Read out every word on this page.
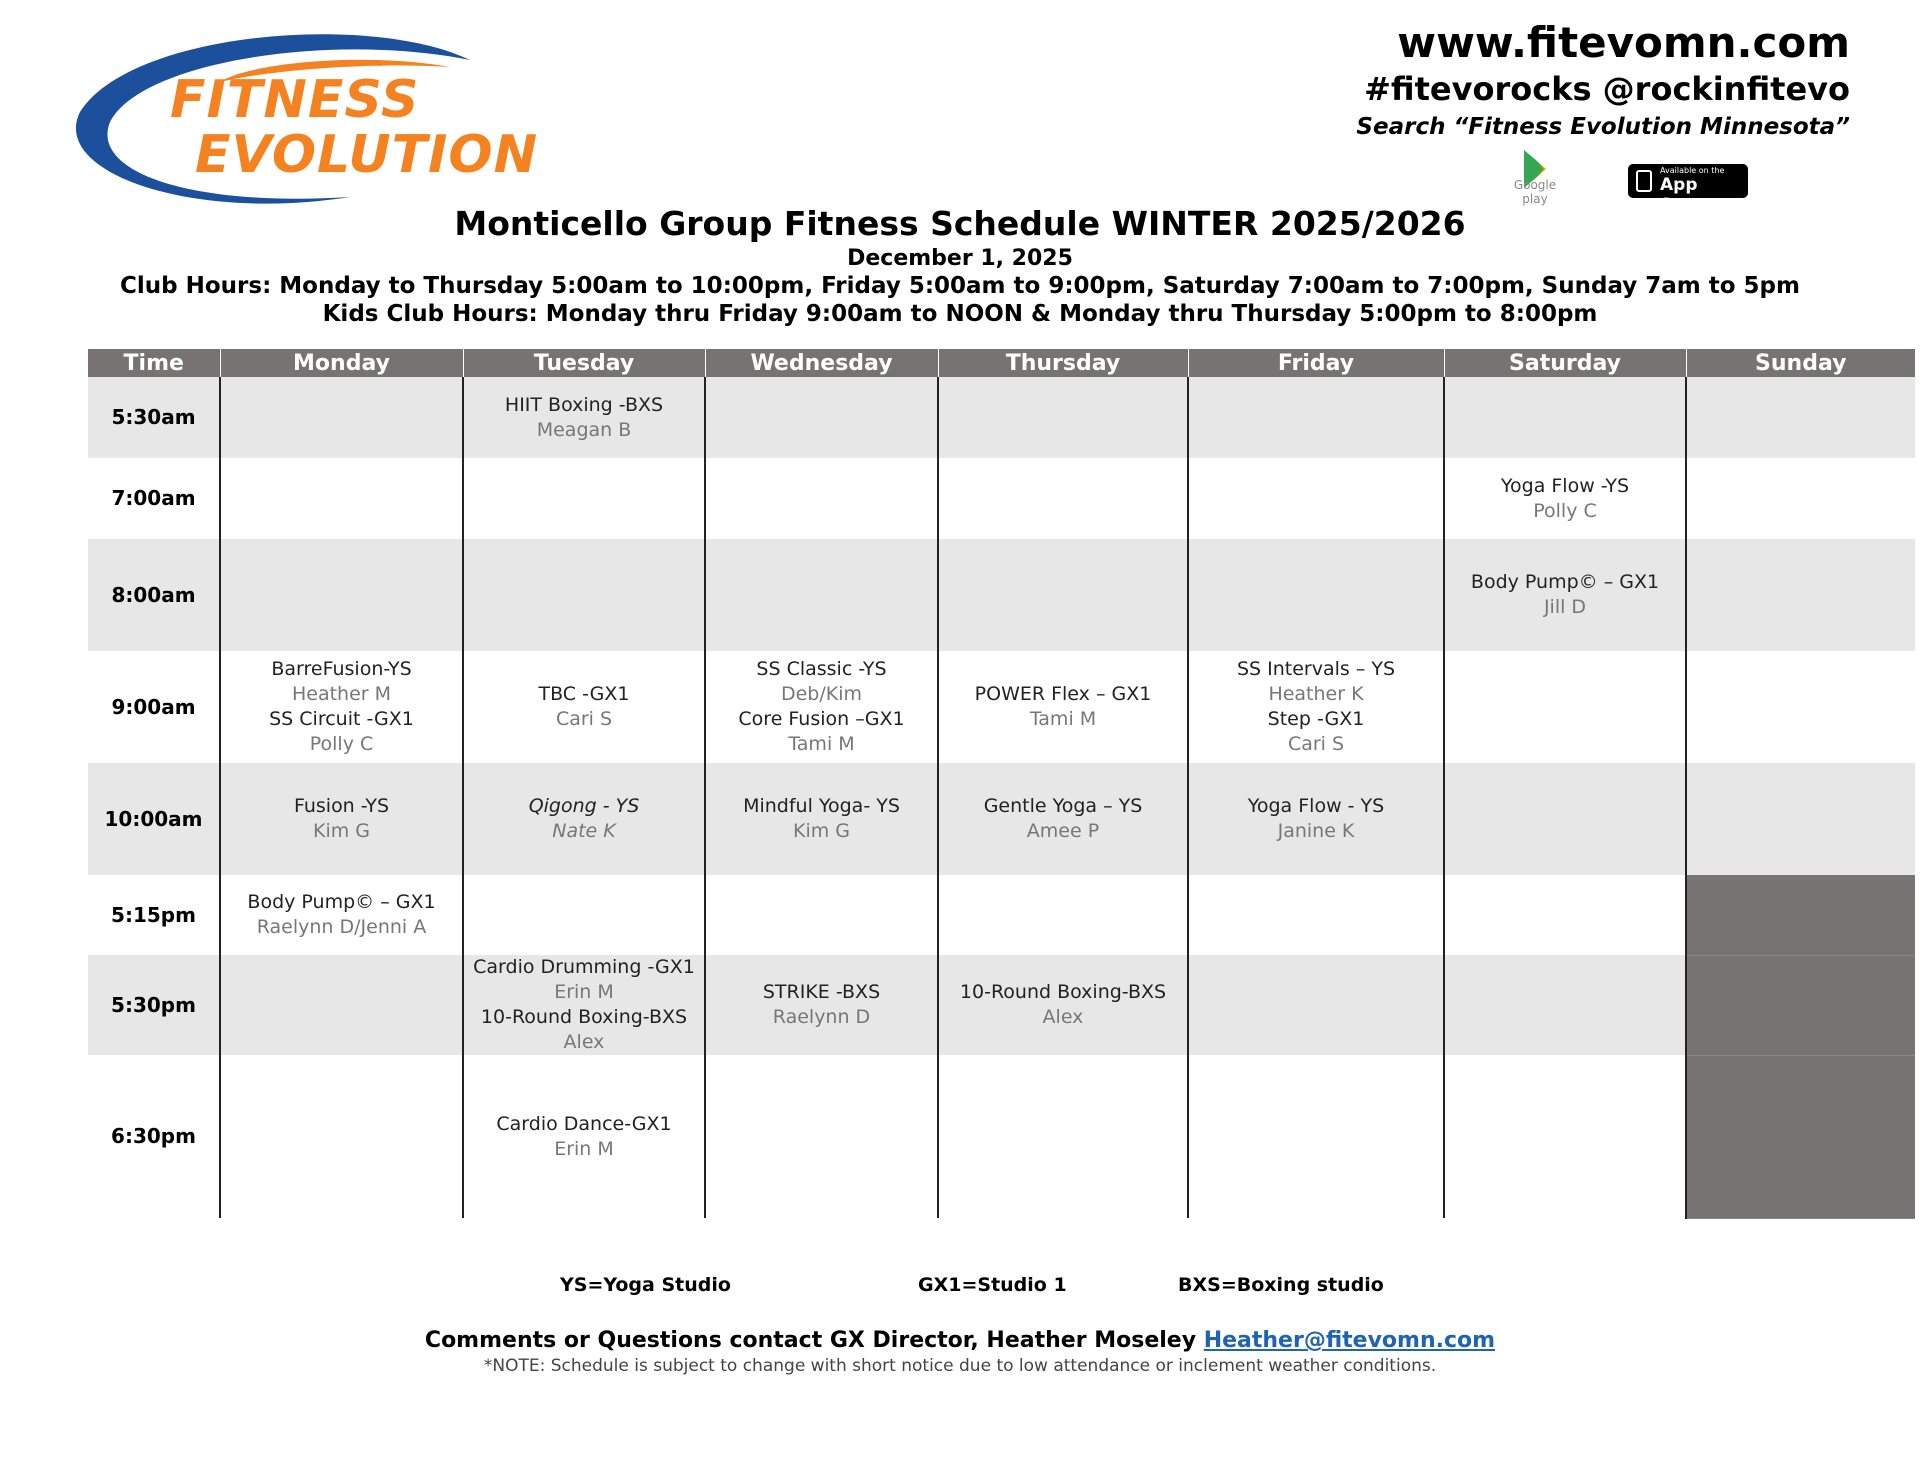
FITNESS
EVOLUTION
www.fitevomn.com
#fitevorocks @rockinfitevo
Search “Fitness Evolution Minnesota”
Google play
Available on the
App Store
Monticello Group Fitness Schedule WINTER 2025/2026
December 1, 2025
Club Hours: Monday to Thursday 5:00am to 10:00pm, Friday 5:00am to 9:00pm, Saturday 7:00am to 7:00pm, Sunday 7am to 5pm
Kids Club Hours: Monday thru Friday 9:00am to NOON & Monday thru Thursday 5:00pm to 8:00pm
Time	Monday	Tuesday	Wednesday	Thursday	Friday	Saturday	Sunday
5:30am		HIIT Boxing -BXS
Meagan B					

7:00am						Yoga Flow -YS
Polly C	

8:00am						Body Pump© – GX1
Jill D	

9:00am	BarreFusion-YS
Heather M
SS Circuit -GX1
Polly C	TBC -GX1
Cari S	SS Classic -YS
Deb/Kim
Core Fusion –GX1
Tami M	POWER Flex – GX1
Tami M	SS Intervals – YS
Heather K
Step -GX1
Cari S		

10:00am	Fusion -YS
Kim G	Qigong - YS
Nate K	Mindful Yoga- YS
Kim G	Gentle Yoga – YS
Amee P	Yoga Flow - YS
Janine K		

5:15pm	Body Pump© – GX1
Raelynn D/Jenni A						

5:30pm		Cardio Drumming -GX1
Erin M
10-Round Boxing-BXS
Alex	STRIKE -BXS
Raelynn D	10-Round Boxing-BXS
Alex			

6:30pm		Cardio Dance-GX1
Erin M					

YS=Yoga Studio	GX1=Studio 1	BXS=Boxing studio
Comments or Questions contact GX Director, Heather Moseley Heather@fitevomn.com
*NOTE: Schedule is subject to change with short notice due to low attendance or inclement weather conditions.
